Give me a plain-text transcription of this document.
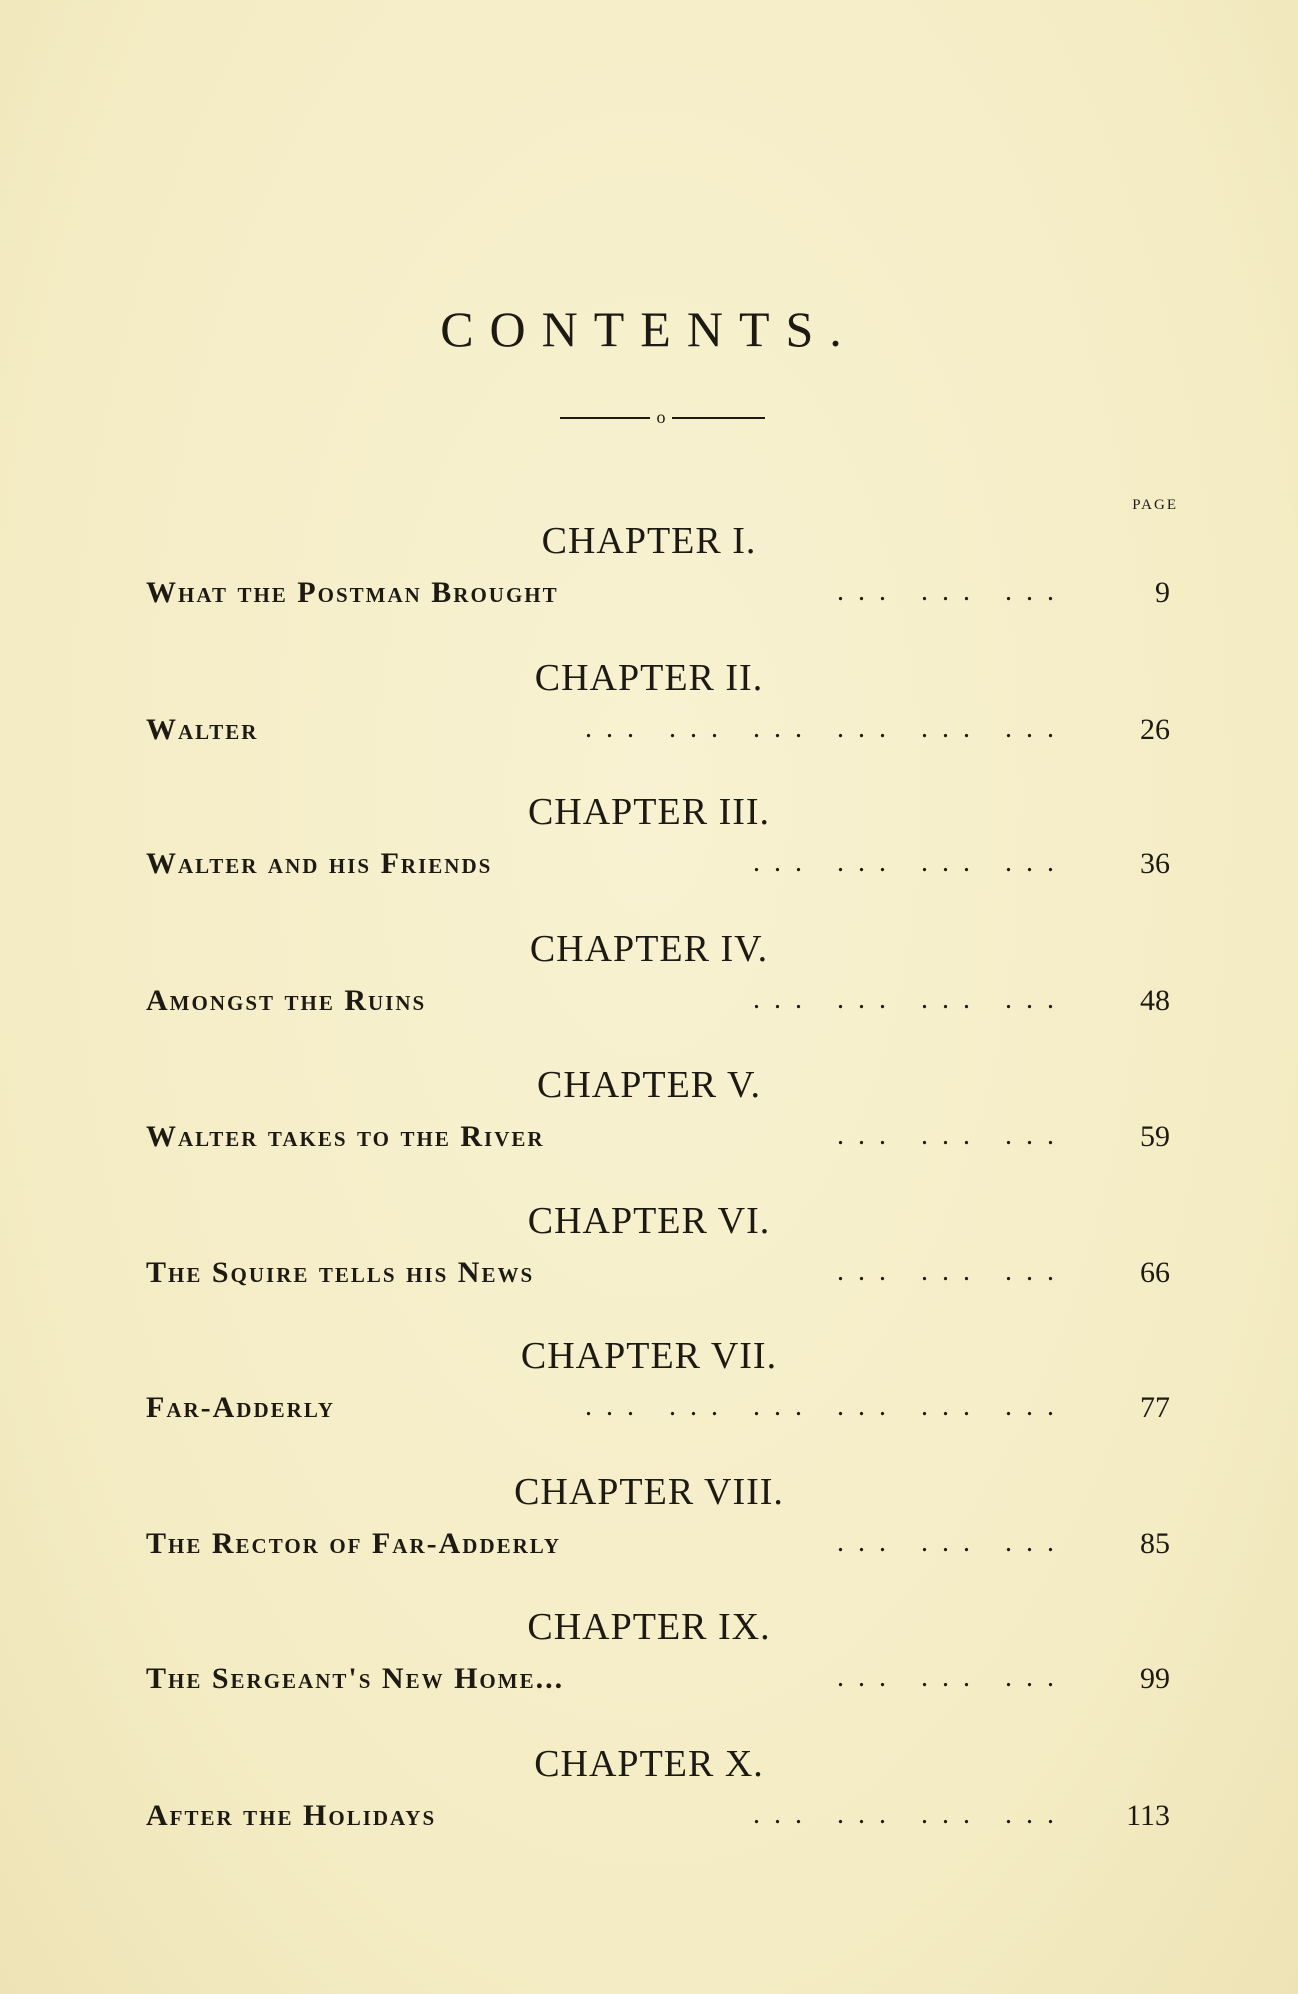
CONTENTS.
o
PAGE
CHAPTER I.
What the Postman Brought	... ... ...	9
CHAPTER II.
Walter	... ... ... ... ... ... 26
CHAPTER III.
Walter and his Friends	... ... ... ... 36
CHAPTER IV.
Amongst the Ruins	... ... ... ... 48
CHAPTER V.
Walter takes to the River	... ... ... 59
CHAPTER VI.
The Squire tells his News	... ... ... 66
CHAPTER VII.
Far-Adderly	... ... ... ... ... ... 77
CHAPTER VIII.
The Rector of Far-Adderly	... ... ... 85
CHAPTER IX.
The Sergeant's New Home...	... ... ... 99
CHAPTER X.
After the Holidays	... ... ... ... 113
